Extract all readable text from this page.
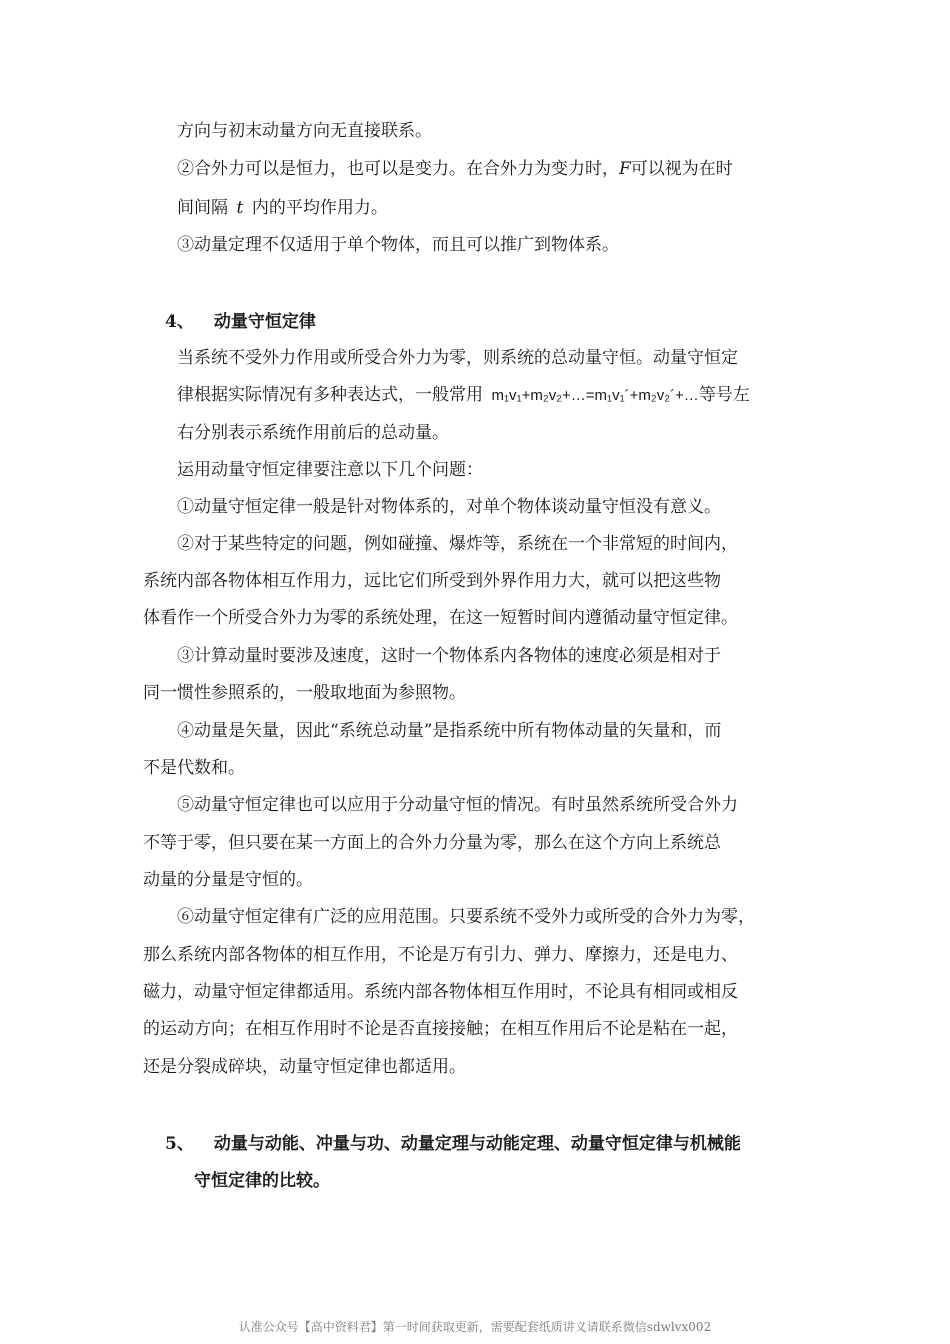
方向与初末动量方向无直接联系。
②合外力可以是恒力，也可以是变力。在合外力为变力时，F可以视为在时
间间隔  t  内的平均作用力。
③动量定理不仅适用于单个物体，而且可以推广到物体系。
4、 动量守恒定律
当系统不受外力作用或所受合外力为零，则系统的总动量守恒。动量守恒定
律根据实际情况有多种表达式，一般常用  m₁v₁+m₂v₂+…=m₁v₁´+m₂v₂´+…等号左
右分别表示系统作用前后的总动量。
运用动量守恒定律要注意以下几个问题：
①动量守恒定律一般是针对物体系的，对单个物体谈动量守恒没有意义。
②对于某些特定的问题，例如碰撞、爆炸等，系统在一个非常短的时间内，
系统内部各物体相互作用力，远比它们所受到外界作用力大，就可以把这些物
体看作一个所受合外力为零的系统处理，在这一短暂时间内遵循动量守恒定律。
③计算动量时要涉及速度，这时一个物体系内各物体的速度必须是相对于
同一惯性参照系的，一般取地面为参照物。
④动量是矢量，因此“系统总动量”是指系统中所有物体动量的矢量和，而
不是代数和。
⑤动量守恒定律也可以应用于分动量守恒的情况。有时虽然系统所受合外力
不等于零，但只要在某一方面上的合外力分量为零，那么在这个方向上系统总
动量的分量是守恒的。
⑥动量守恒定律有广泛的应用范围。只要系统不受外力或所受的合外力为零，
那么系统内部各物体的相互作用，不论是万有引力、弹力、摩擦力，还是电力、
磁力，动量守恒定律都适用。系统内部各物体相互作用时，不论具有相同或相反
的运动方向；在相互作用时不论是否直接接触；在相互作用后不论是粘在一起，
还是分裂成碎块，动量守恒定律也都适用。
5、 动量与动能、冲量与功、动量定理与动能定理、动量守恒定律与机械能
守恒定律的比较。
认准公众号【高中资料君】第一时间获取更新，需要配套纸质讲义请联系微信sdwlvx002
